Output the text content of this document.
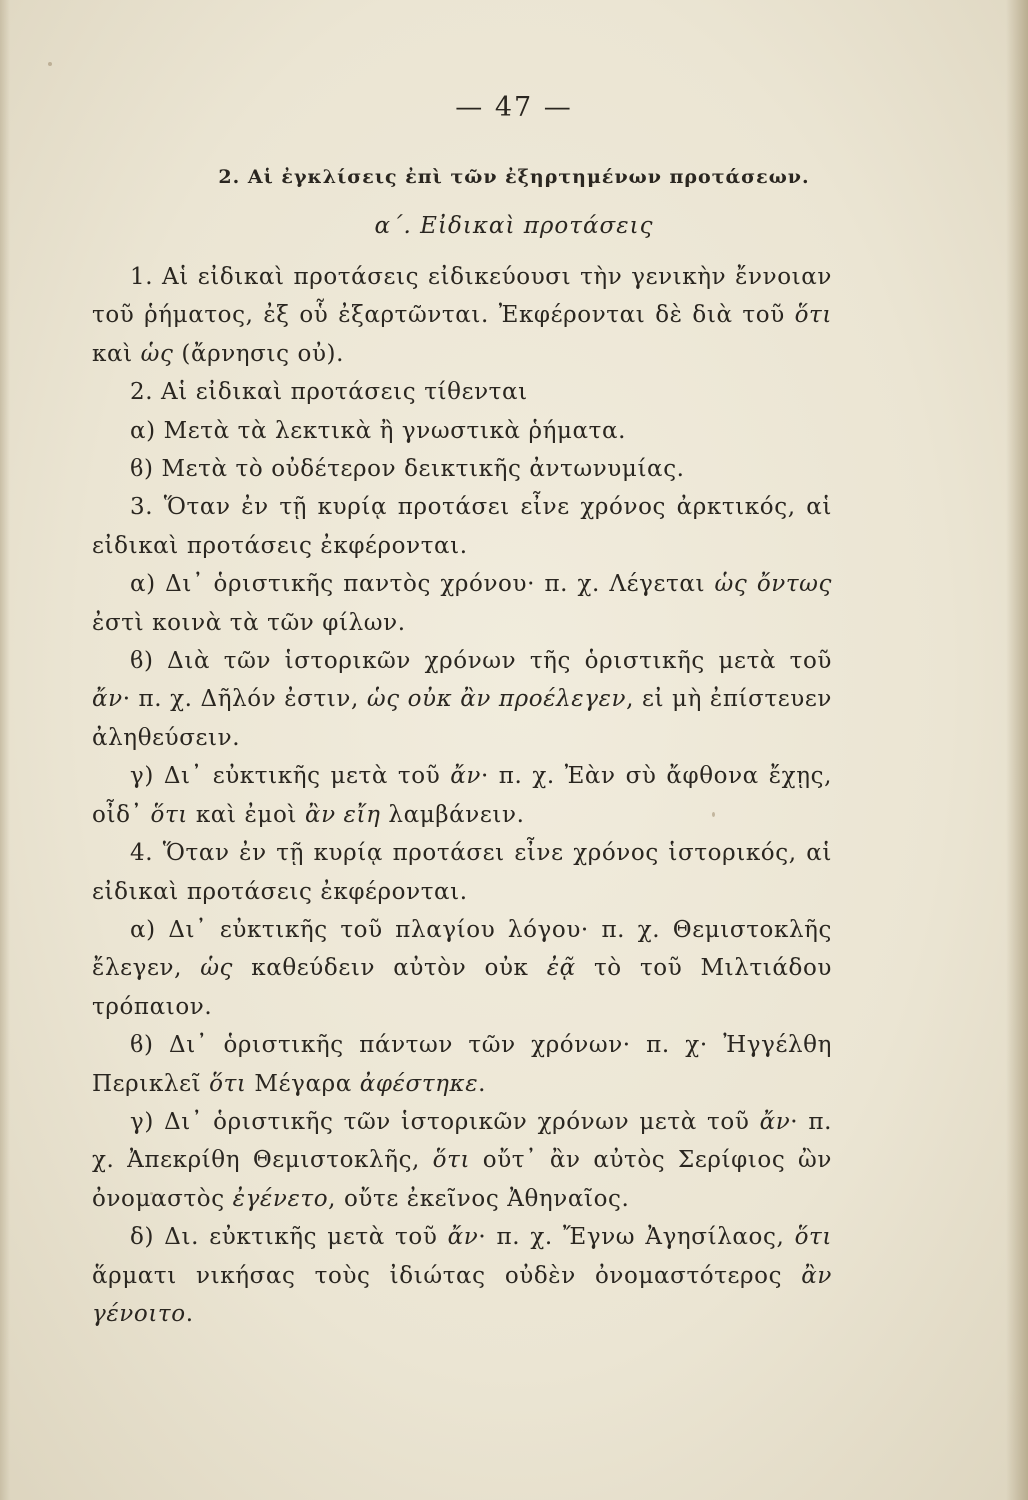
— 47 —
2. Αἱ ἐγκλίσεις ἐπὶ τῶν ἐξηρτημένων προτάσεων.
α΄. Εἰδικαὶ προτάσεις

1. Αἱ εἰδικαὶ προτάσεις εἰδικεύουσι τὴν γενικὴν ἔννοιαν τοῦ ῥήματος, ἐξ οὗ ἐξαρτῶνται. Ἐκφέρονται δὲ διὰ τοῦ ὅτι καὶ ὡς (ἄρνησις οὐ).

2. Αἱ εἰδικαὶ προτάσεις τίθενται

α) Μετὰ τὰ λεκτικὰ ἢ γνωστικὰ ῥήματα.

ϐ) Μετὰ τὸ οὐδέτερον δεικτικῆς ἀντωνυμίας.

3. Ὅταν ἐν τῇ κυρίᾳ προτάσει εἶνε χρόνος ἀρκτικός, αἱ εἰδικαὶ προτάσεις ἐκφέρονται.

α) Δι᾽ ὁριστικῆς παντὸς χρόνου· π. χ. Λέγεται ὡς ὄντως ἐστὶ κοινὰ τὰ τῶν φίλων.

ϐ) Διὰ τῶν ἱστορικῶν χρόνων τῆς ὁριστικῆς μετὰ τοῦ ἄν· π. χ. Δῆλόν ἐστιν, ὡς οὐκ ἂν προέλεγεν, εἰ μὴ ἐπίστευεν ἀληθεύσειν.

γ) Δι᾽ εὐκτικῆς μετὰ τοῦ ἄν· π. χ. Ἐὰν σὺ ἄφθονα ἔχῃς, οἶδ᾽ ὅτι καὶ ἐμοὶ ἂν εἴη λαμβάνειν.

4. Ὅταν ἐν τῇ κυρίᾳ προτάσει εἶνε χρόνος ἱστορικός, αἱ εἰδικαὶ προτάσεις ἐκφέρονται.

α) Δι᾽ εὐκτικῆς τοῦ πλαγίου λόγου· π. χ. Θεμιστοκλῆς ἔλεγεν, ὡς καθεύδειν αὐτὸν οὐκ ἐᾷ τὸ τοῦ Μιλτιάδου τρόπαιον.

ϐ) Δι᾽ ὁριστικῆς πάντων τῶν χρόνων· π. χ· Ἠγγέλθη Περικλεῖ ὅτι Μέγαρα ἀφέστηκε.

γ) Δι᾽ ὁριστικῆς τῶν ἱστορικῶν χρόνων μετὰ τοῦ ἄν· π. χ. Ἀπεκρίθη Θεμιστοκλῆς, ὅτι οὔτ᾽ ἂν αὐτὸς Σερίφιος ὢν ὀνομαστὸς ἐγένετο, οὔτε ἐκεῖνος Ἀθηναῖος.

δ) Δι. εὐκτικῆς μετὰ τοῦ ἄν· π. χ. Ἔγνω Ἀγησίλαος, ὅτι ἅρματι νικήσας τοὺς ἰδιώτας οὐδὲν ὀνομαστότερος ἂν γένοιτο.
